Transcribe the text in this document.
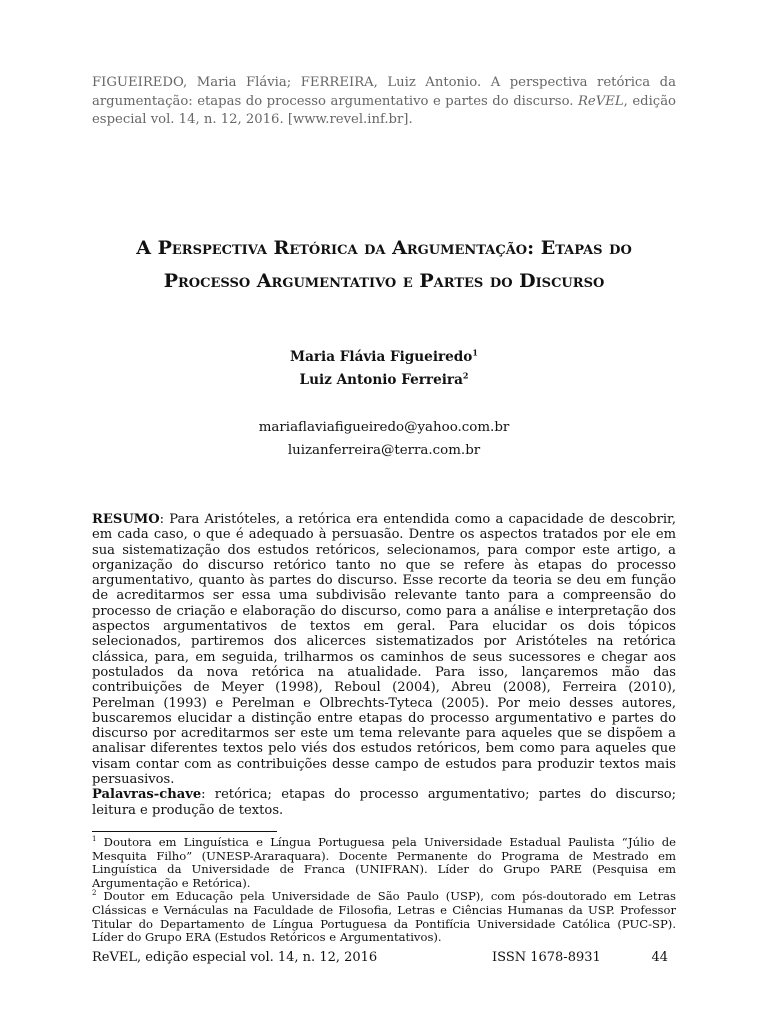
FIGUEIREDO, Maria Flávia; FERREIRA, Luiz Antonio. A perspectiva retórica da argumentação: etapas do processo argumentativo e partes do discurso. ReVEL, edição especial vol. 14, n. 12, 2016. [www.revel.inf.br].
A Perspectiva Retórica da Argumentação: Etapas do
Processo Argumentativo e Partes do Discurso
Maria Flávia Figueiredo$^1$
Luiz Antonio Ferreira$^2$
mariaflaviafigueiredo@yahoo.com.br
luizanferreira@terra.com.br
RESUMO: Para Aristóteles, a retórica era entendida como a capacidade de descobrir, em cada caso, o que é adequado à persuasão. Dentre os aspectos tratados por ele em sua sistematização dos estudos retóricos, selecionamos, para compor este artigo, a organização do discurso retórico tanto no que se refere às etapas do processo argumentativo, quanto às partes do discurso. Esse recorte da teoria se deu em função de acreditarmos ser essa uma subdivisão relevante tanto para a compreensão do processo de criação e elaboração do discurso, como para a análise e interpretação dos aspectos argumentativos de textos em geral. Para elucidar os dois tópicos selecionados, partiremos dos alicerces sistematizados por Aristóteles na retórica clássica, para, em seguida, trilharmos os caminhos de seus sucessores e chegar aos postulados da nova retórica na atualidade. Para isso, lançaremos mão das contribuições de Meyer (1998), Reboul (2004), Abreu (2008), Ferreira (2010), Perelman (1993) e Perelman e Olbrechts-Tyteca (2005). Por meio desses autores, buscaremos elucidar a distinção entre etapas do processo argumentativo e partes do discurso por acreditarmos ser este um tema relevante para aqueles que se dispõem a analisar diferentes textos pelo viés dos estudos retóricos, bem como para aqueles que visam contar com as contribuições desse campo de estudos para produzir textos mais persuasivos.
Palavras-chave: retórica; etapas do processo argumentativo; partes do discurso; leitura e produção de textos.
$^1$ Doutora em Linguística e Língua Portuguesa pela Universidade Estadual Paulista “Júlio de Mesquita Filho” (UNESP-Araraquara). Docente Permanente do Programa de Mestrado em Linguística da Universidade de Franca (UNIFRAN). Líder do Grupo PARE (Pesquisa em Argumentação e Retórica).
$^2$ Doutor em Educação pela Universidade de São Paulo (USP), com pós-doutorado em Letras Clássicas e Vernáculas na Faculdade de Filosofia, Letras e Ciências Humanas da USP. Professor Titular do Departamento de Língua Portuguesa da Pontifícia Universidade Católica (PUC-SP). Líder do Grupo ERA (Estudos Retóricos e Argumentativos).
ReVEL, edição especial vol. 14, n. 12, 2016	ISSN 1678-8931	44
